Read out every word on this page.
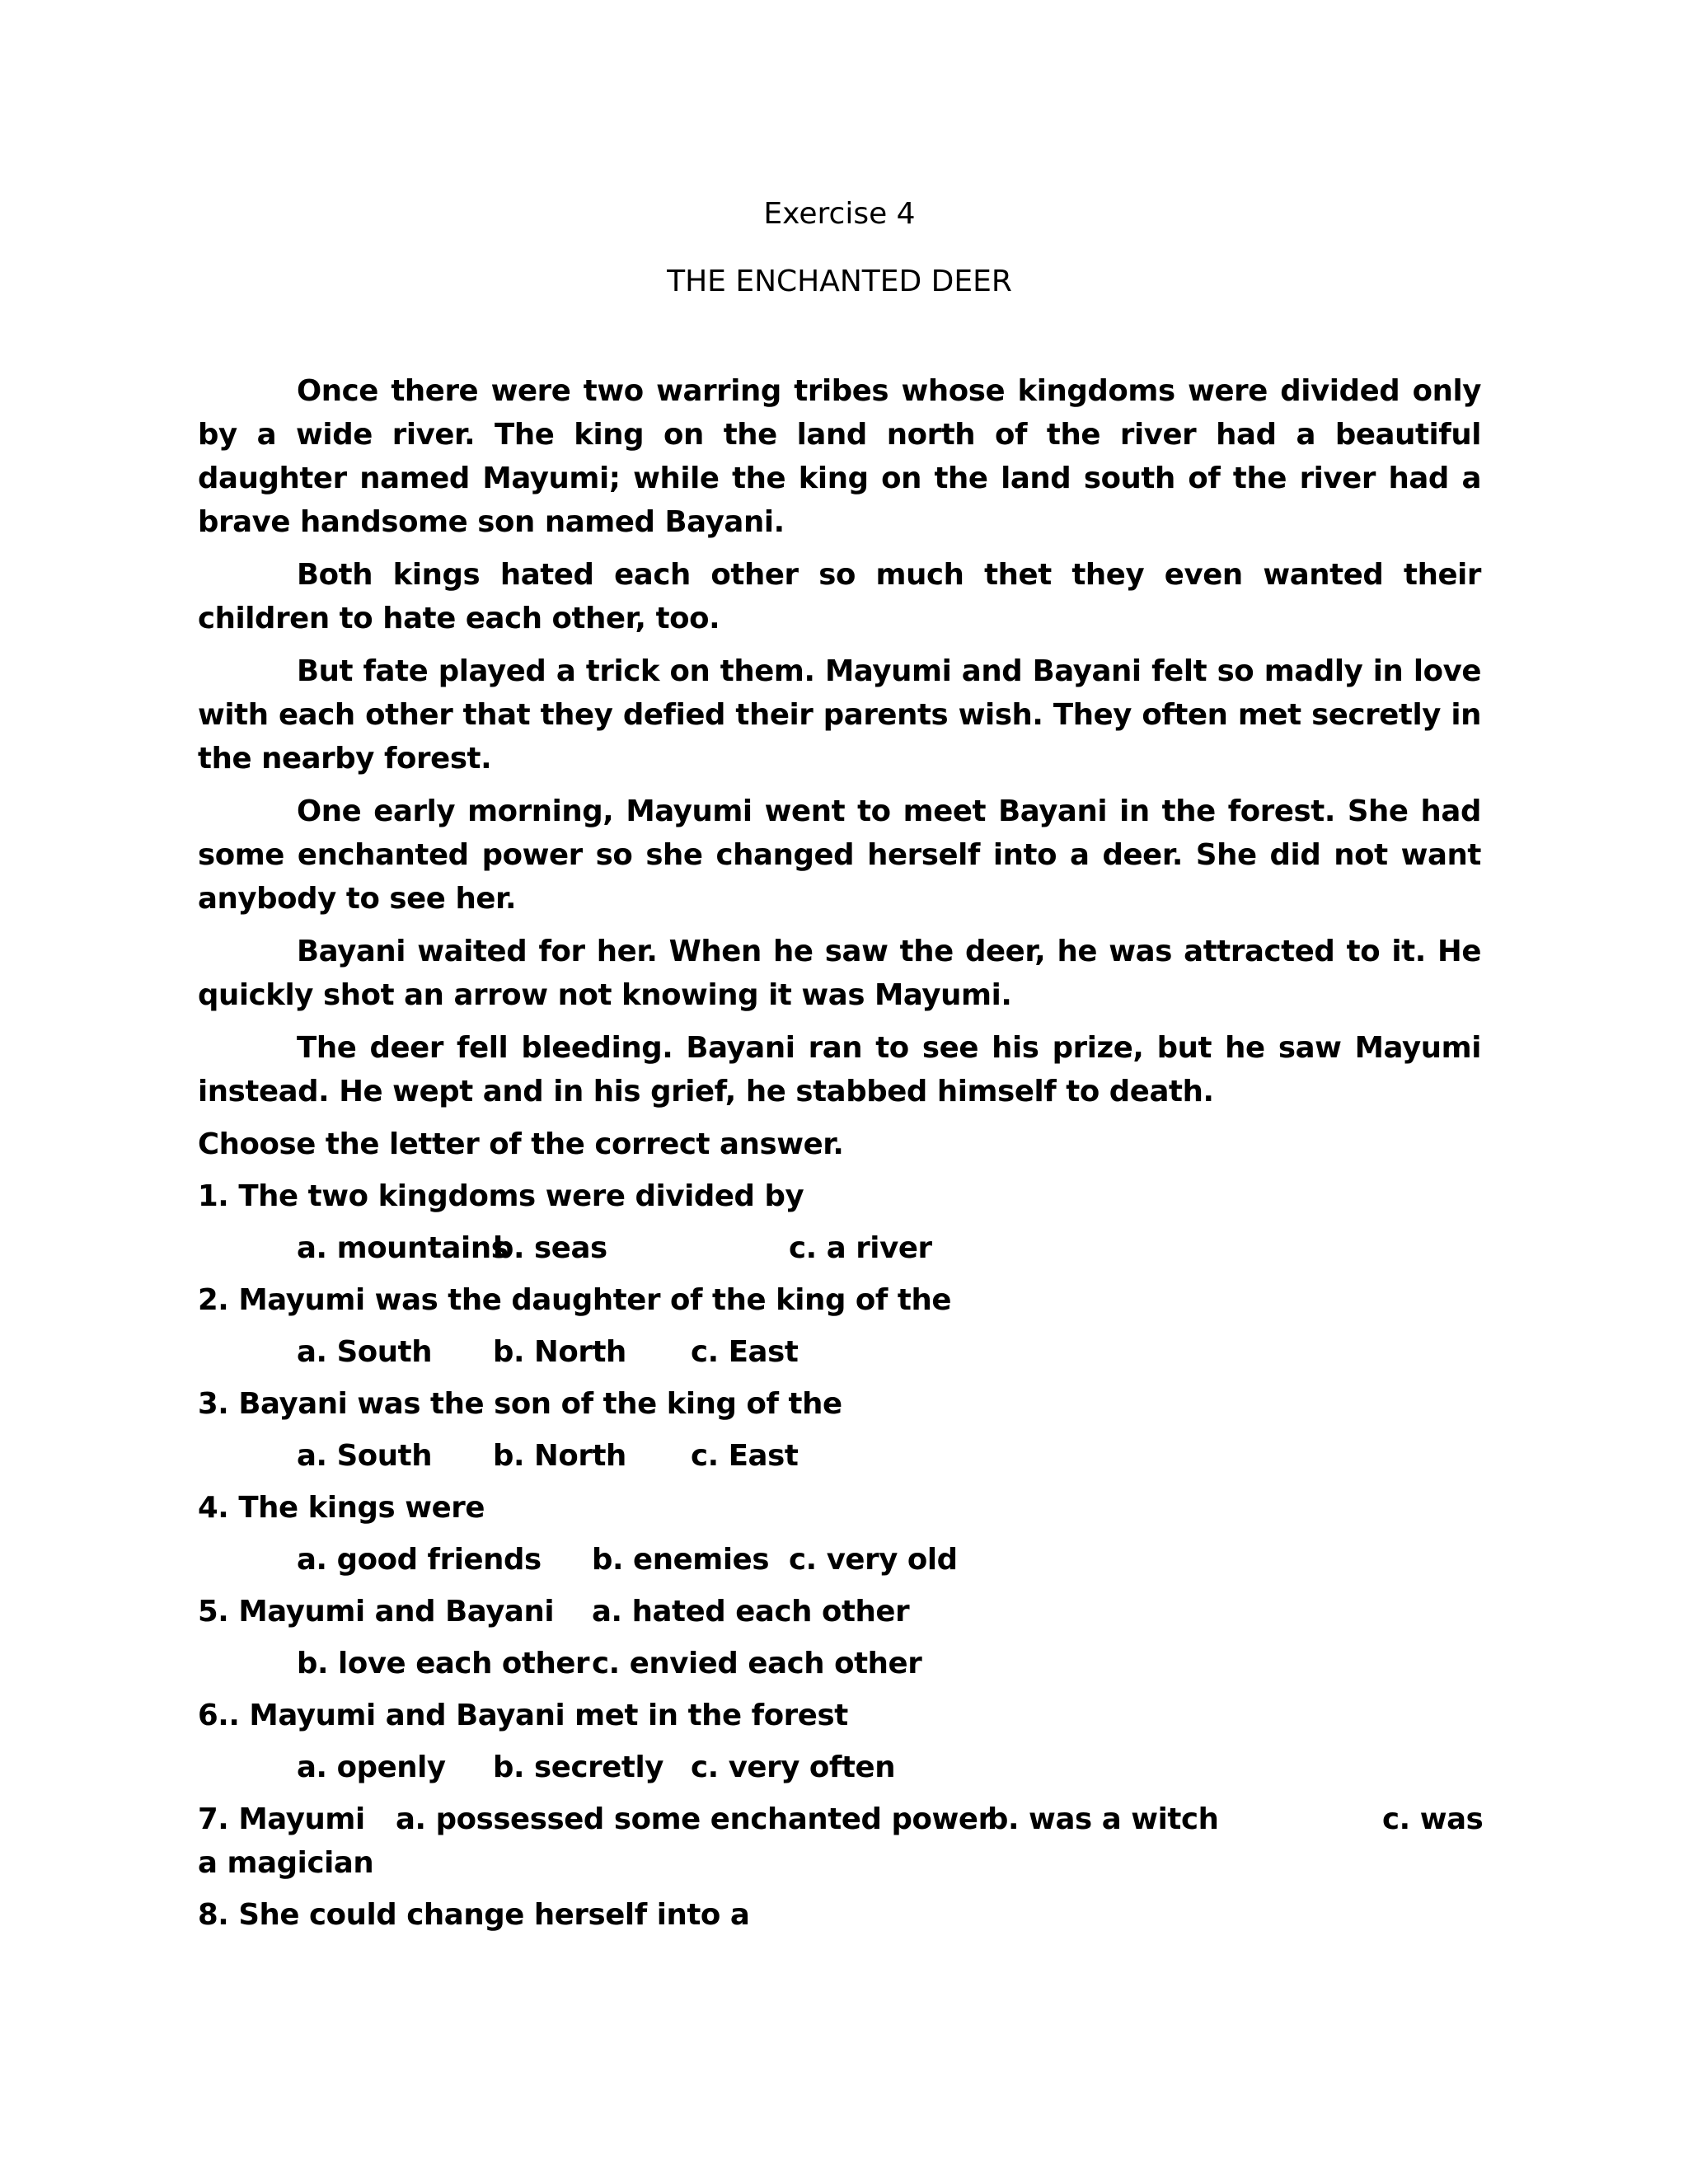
Exercise 4
THE ENCHANTED DEER

Once there were two warring tribes whose kingdoms were divided only by a wide river. The king on the land north of the river had a beautiful daughter named Mayumi; while the king on the land south of the river had a brave handsome son named Bayani.

Both kings hated each other so much thet they even wanted their children to hate each other, too.

But fate played a trick on them. Mayumi and Bayani felt so madly in love with each other that they defied their parents wish. They often met secretly in the nearby forest.

One early morning, Mayumi went to meet Bayani in the forest. She had some enchanted power so she changed herself into a deer. She did not want anybody to see her.

Bayani waited for her. When he saw the deer, he was attracted to it. He quickly shot an arrow not knowing it was Mayumi.

The deer fell bleeding. Bayani ran to see his prize, but he saw Mayumi instead. He wept and in his grief, he stabbed himself to death.

Choose the letter of the correct answer.
1. The two kingdoms were divided by
a. mountains
b. seas	c. a river
2. Mayumi was the daughter of the king of the
a. South b. North c. East
3. Bayani was the son of the king of the
a. South b. North c. East
4. The kings were
a. good friends b. enemies c. very old
5. Mayumi and Bayani a. hated each other
b. love each other c. envied each other
6.. Mayumi and Bayani met in the forest
a. openly b. secretly c. very often
7. Mayumi a. possessed some enchanted power
b. was a witch	c. was
a magician
8. She could change herself into a
